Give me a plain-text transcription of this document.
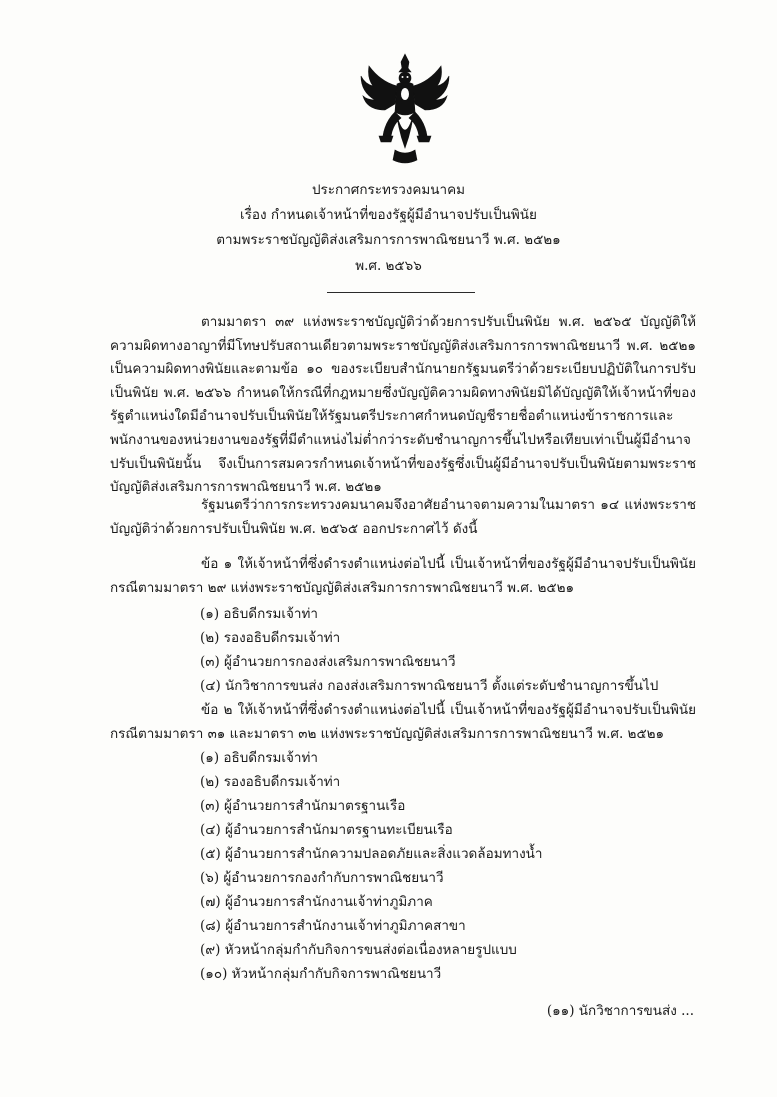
ประกาศกระทรวงคมนาคม
เรื่อง กำหนดเจ้าหน้าที่ของรัฐผู้มีอำนาจปรับเป็นพินัย
ตามพระราชบัญญัติส่งเสริมการการพาณิชยนาวี พ.ศ. ๒๕๒๑
พ.ศ. ๒๕๖๖

ตามมาตรา ๓๙ แห่งพระราชบัญญัติว่าด้วยการปรับเป็นพินัย พ.ศ. ๒๕๖๕ บัญญัติให้ความผิดทางอาญาที่มีโทษปรับสถานเดียวตามพระราชบัญญัติส่งเสริมการการพาณิชยนาวี พ.ศ. ๒๕๒๑ เป็นความผิดทางพินัยและตามข้อ ๑๐ ของระเบียบสำนักนายกรัฐมนตรีว่าด้วยระเบียบปฏิบัติในการปรับเป็นพินัย พ.ศ. ๒๕๖๖ กำหนดให้กรณีที่กฎหมายซึ่งบัญญัติความผิดทางพินัยมิได้บัญญัติให้เจ้าหน้าที่ของรัฐตำแหน่งใดมีอำนาจปรับเป็นพินัยให้รัฐมนตรีประกาศกำหนดบัญชีรายชื่อตำแหน่งข้าราชการและพนักงานของหน่วยงานของรัฐที่มีตำแหน่งไม่ต่ำกว่าระดับชำนาญการขึ้นไปหรือเทียบเท่าเป็นผู้มีอำนาจปรับเป็นพินัยนั้น จึงเป็นการสมควรกำหนดเจ้าหน้าที่ของรัฐซึ่งเป็นผู้มีอำนาจปรับเป็นพินัยตามพระราชบัญญัติส่งเสริมการการพาณิชยนาวี พ.ศ. ๒๕๒๑

รัฐมนตรีว่าการกระทรวงคมนาคมจึงอาศัยอำนาจตามความในมาตรา ๑๔ แห่งพระราชบัญญัติว่าด้วยการปรับเป็นพินัย พ.ศ. ๒๕๖๕ ออกประกาศไว้ ดังนี้

ข้อ ๑ ให้เจ้าหน้าที่ซึ่งดำรงตำแหน่งต่อไปนี้ เป็นเจ้าหน้าที่ของรัฐผู้มีอำนาจปรับเป็นพินัยกรณีตามมาตรา ๒๙ แห่งพระราชบัญญัติส่งเสริมการการพาณิชยนาวี พ.ศ. ๒๕๒๑

(๑) อธิบดีกรมเจ้าท่า
(๒) รองอธิบดีกรมเจ้าท่า
(๓) ผู้อำนวยการกองส่งเสริมการพาณิชยนาวี
(๔) นักวิชาการขนส่ง กองส่งเสริมการพาณิชยนาวี ตั้งแต่ระดับชำนาญการขึ้นไป

ข้อ ๒ ให้เจ้าหน้าที่ซึ่งดำรงตำแหน่งต่อไปนี้ เป็นเจ้าหน้าที่ของรัฐผู้มีอำนาจปรับเป็นพินัยกรณีตามมาตรา ๓๑ และมาตรา ๓๒ แห่งพระราชบัญญัติส่งเสริมการการพาณิชยนาวี พ.ศ. ๒๕๒๑

(๑) อธิบดีกรมเจ้าท่า
(๒) รองอธิบดีกรมเจ้าท่า
(๓) ผู้อำนวยการสำนักมาตรฐานเรือ
(๔) ผู้อำนวยการสำนักมาตรฐานทะเบียนเรือ
(๕) ผู้อำนวยการสำนักความปลอดภัยและสิ่งแวดล้อมทางน้ำ
(๖) ผู้อำนวยการกองกำกับการพาณิชยนาวี
(๗) ผู้อำนวยการสำนักงานเจ้าท่าภูมิภาค
(๘) ผู้อำนวยการสำนักงานเจ้าท่าภูมิภาคสาขา
(๙) หัวหน้ากลุ่มกำกับกิจการขนส่งต่อเนื่องหลายรูปแบบ
(๑๐) หัวหน้ากลุ่มกำกับกิจการพาณิชยนาวี
(๑๑) นักวิชาการขนส่ง ...
